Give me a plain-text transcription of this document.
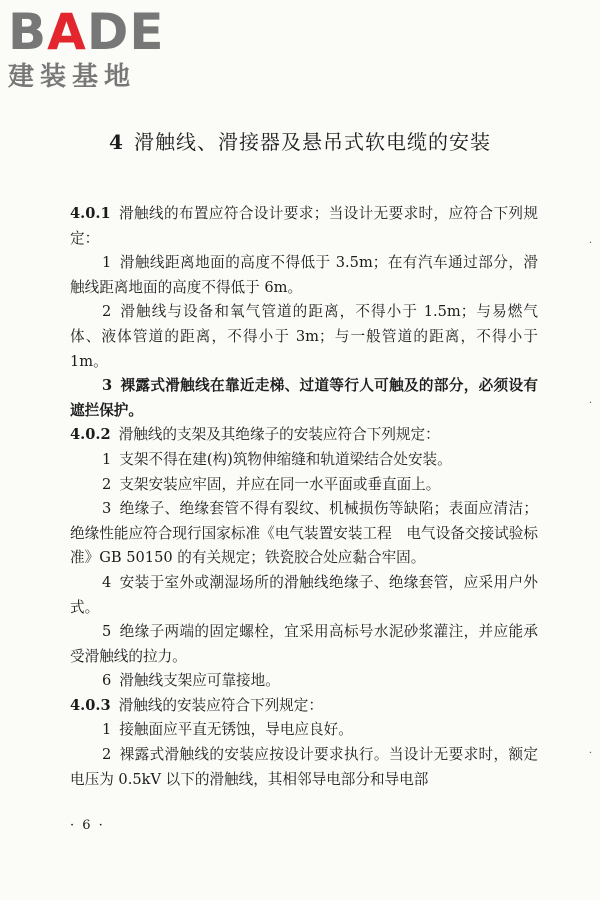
BADE
建装基地
4 滑触线、滑接器及悬吊式软电缆的安装

4.0.1 滑触线的布置应符合设计要求；当设计无要求时，应符合下列规定：

1 滑触线距离地面的高度不得低于 3.5m；在有汽车通过部分，滑触线距离地面的高度不得低于 6m。

2 滑触线与设备和氧气管道的距离，不得小于 1.5m；与易燃气体、液体管道的距离，不得小于 3m；与一般管道的距离，不得小于 1m。

3 裸露式滑触线在靠近走梯、过道等行人可触及的部分，必须设有遮拦保护。

4.0.2 滑触线的支架及其绝缘子的安装应符合下列规定：

1 支架不得在建(构)筑物伸缩缝和轨道梁结合处安装。

2 支架安装应牢固，并应在同一水平面或垂直面上。

3 绝缘子、绝缘套管不得有裂纹、机械损伤等缺陷；表面应清洁；绝缘性能应符合现行国家标准《电气装置安装工程　电气设备交接试验标准》GB 50150 的有关规定；铁瓷胶合处应黏合牢固。

4 安装于室外或潮湿场所的滑触线绝缘子、绝缘套管，应采用户外式。

5 绝缘子两端的固定螺栓，宜采用高标号水泥砂浆灌注，并应能承受滑触线的拉力。

6 滑触线支架应可靠接地。

4.0.3 滑触线的安装应符合下列规定：

1 接触面应平直无锈蚀，导电应良好。

2 裸露式滑触线的安装应按设计要求执行。当设计无要求时，额定电压为 0.5kV 以下的滑触线，其相邻导电部分和导电部

·
·
·
· 6 ·
